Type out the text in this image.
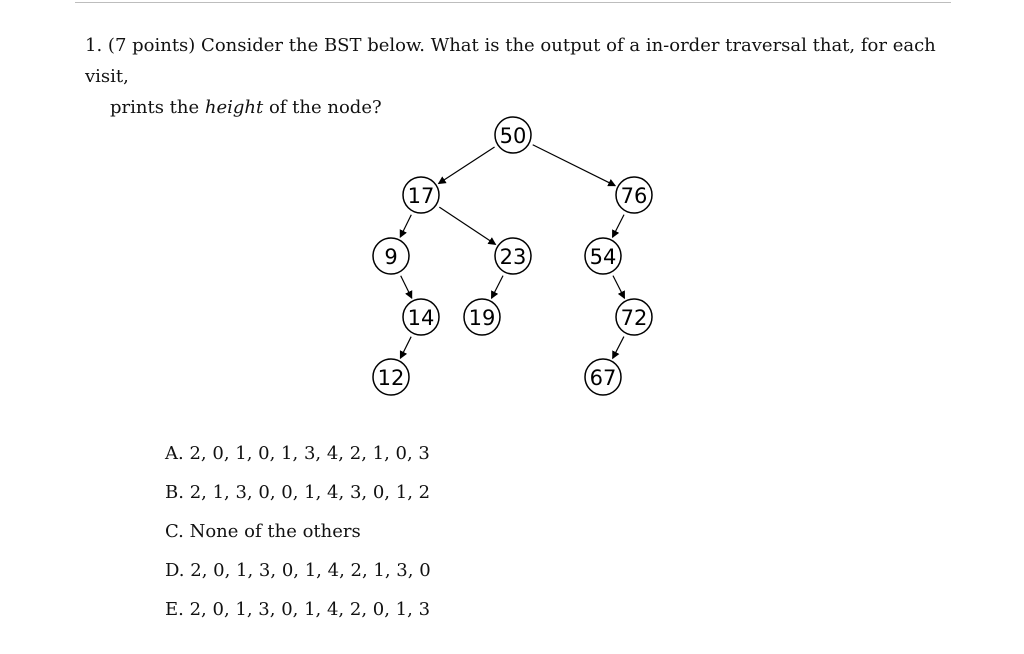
1. (7 points) Consider the BST below. What is the output of a in-order traversal that, for each visit,
prints the height of the node?
50
17	76
9	23	54
14 19	72
12	67
A. 2, 0, 1, 0, 1, 3, 4, 2, 1, 0, 3
B. 2, 1, 3, 0, 0, 1, 4, 3, 0, 1, 2
C. None of the others
D. 2, 0, 1, 3, 0, 1, 4, 2, 1, 3, 0
E. 2, 0, 1, 3, 0, 1, 4, 2, 0, 1, 3
